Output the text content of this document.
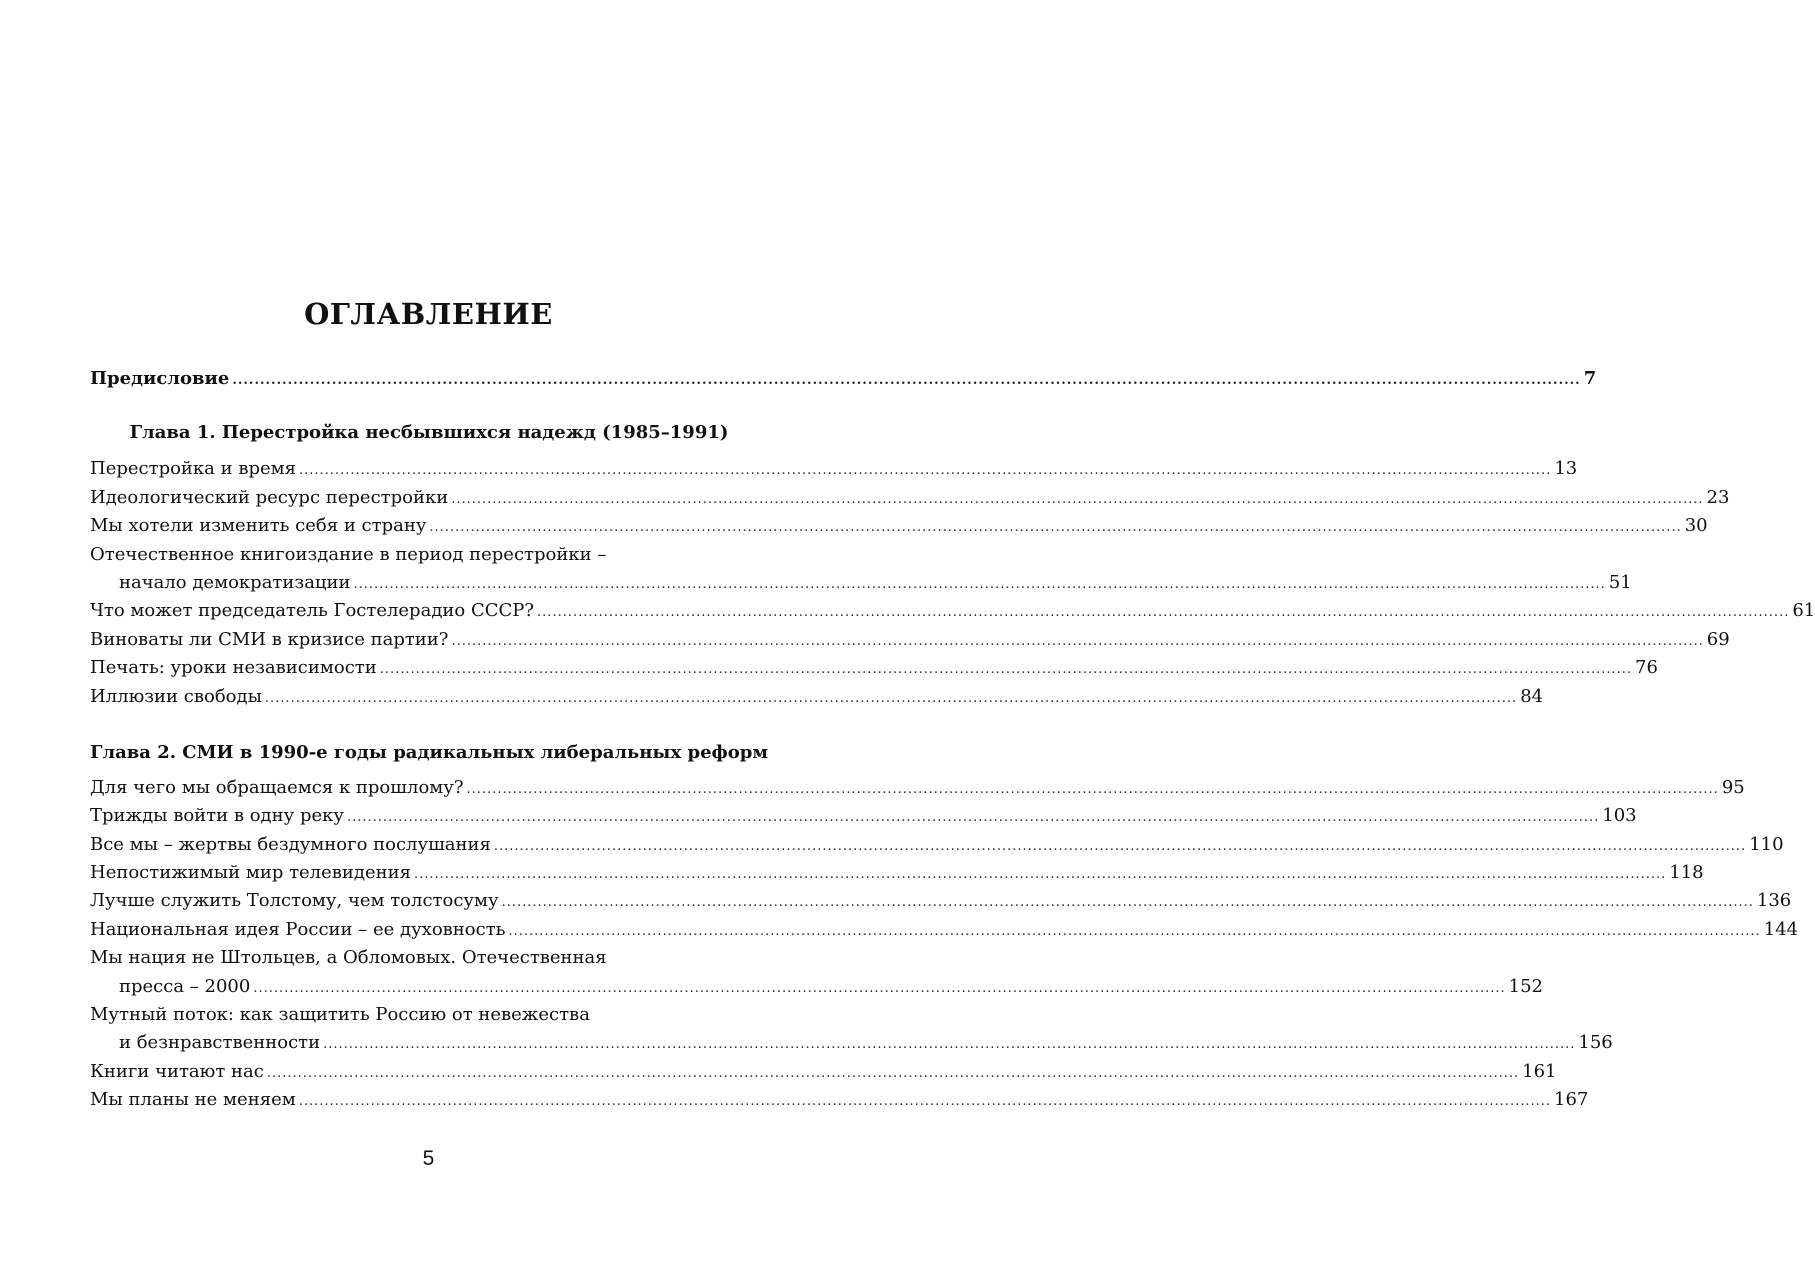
ОГЛАВЛЕНИЕ
Предисловие .....	7
Глава 1. Перестройка несбывшихся надежд (1985–1991)
Перестройка и время .....	13
Идеологический ресурс перестройки .....	23
Мы хотели изменить себя и страну .....	30
Отечественное книгоиздание в период перестройки –
начало демократизации .....	51
Что может председатель Гостелерадио СССР? .....	61
Виноваты ли СМИ в кризисе партии? .....	69
Печать: уроки независимости .....	76
Иллюзии свободы .....	84
Глава 2. СМИ в 1990-е годы радикальных либеральных реформ
Для чего мы обращаемся к прошлому? .....	95
Трижды войти в одну реку .....	103
Все мы – жертвы бездумного послушания .....	110
Непостижимый мир телевидения .....	118
Лучше служить Толстому, чем толстосуму .....	136
Национальная идея России – ее духовность .....	144
Мы нация не Штольцев, а Обломовых. Отечественная
пресса – 2000 .....	152
Мутный поток: как защитить Россию от невежества
и безнравственности .....	156
Книги читают нас .....	161
Мы планы не меняем .....	167
5
